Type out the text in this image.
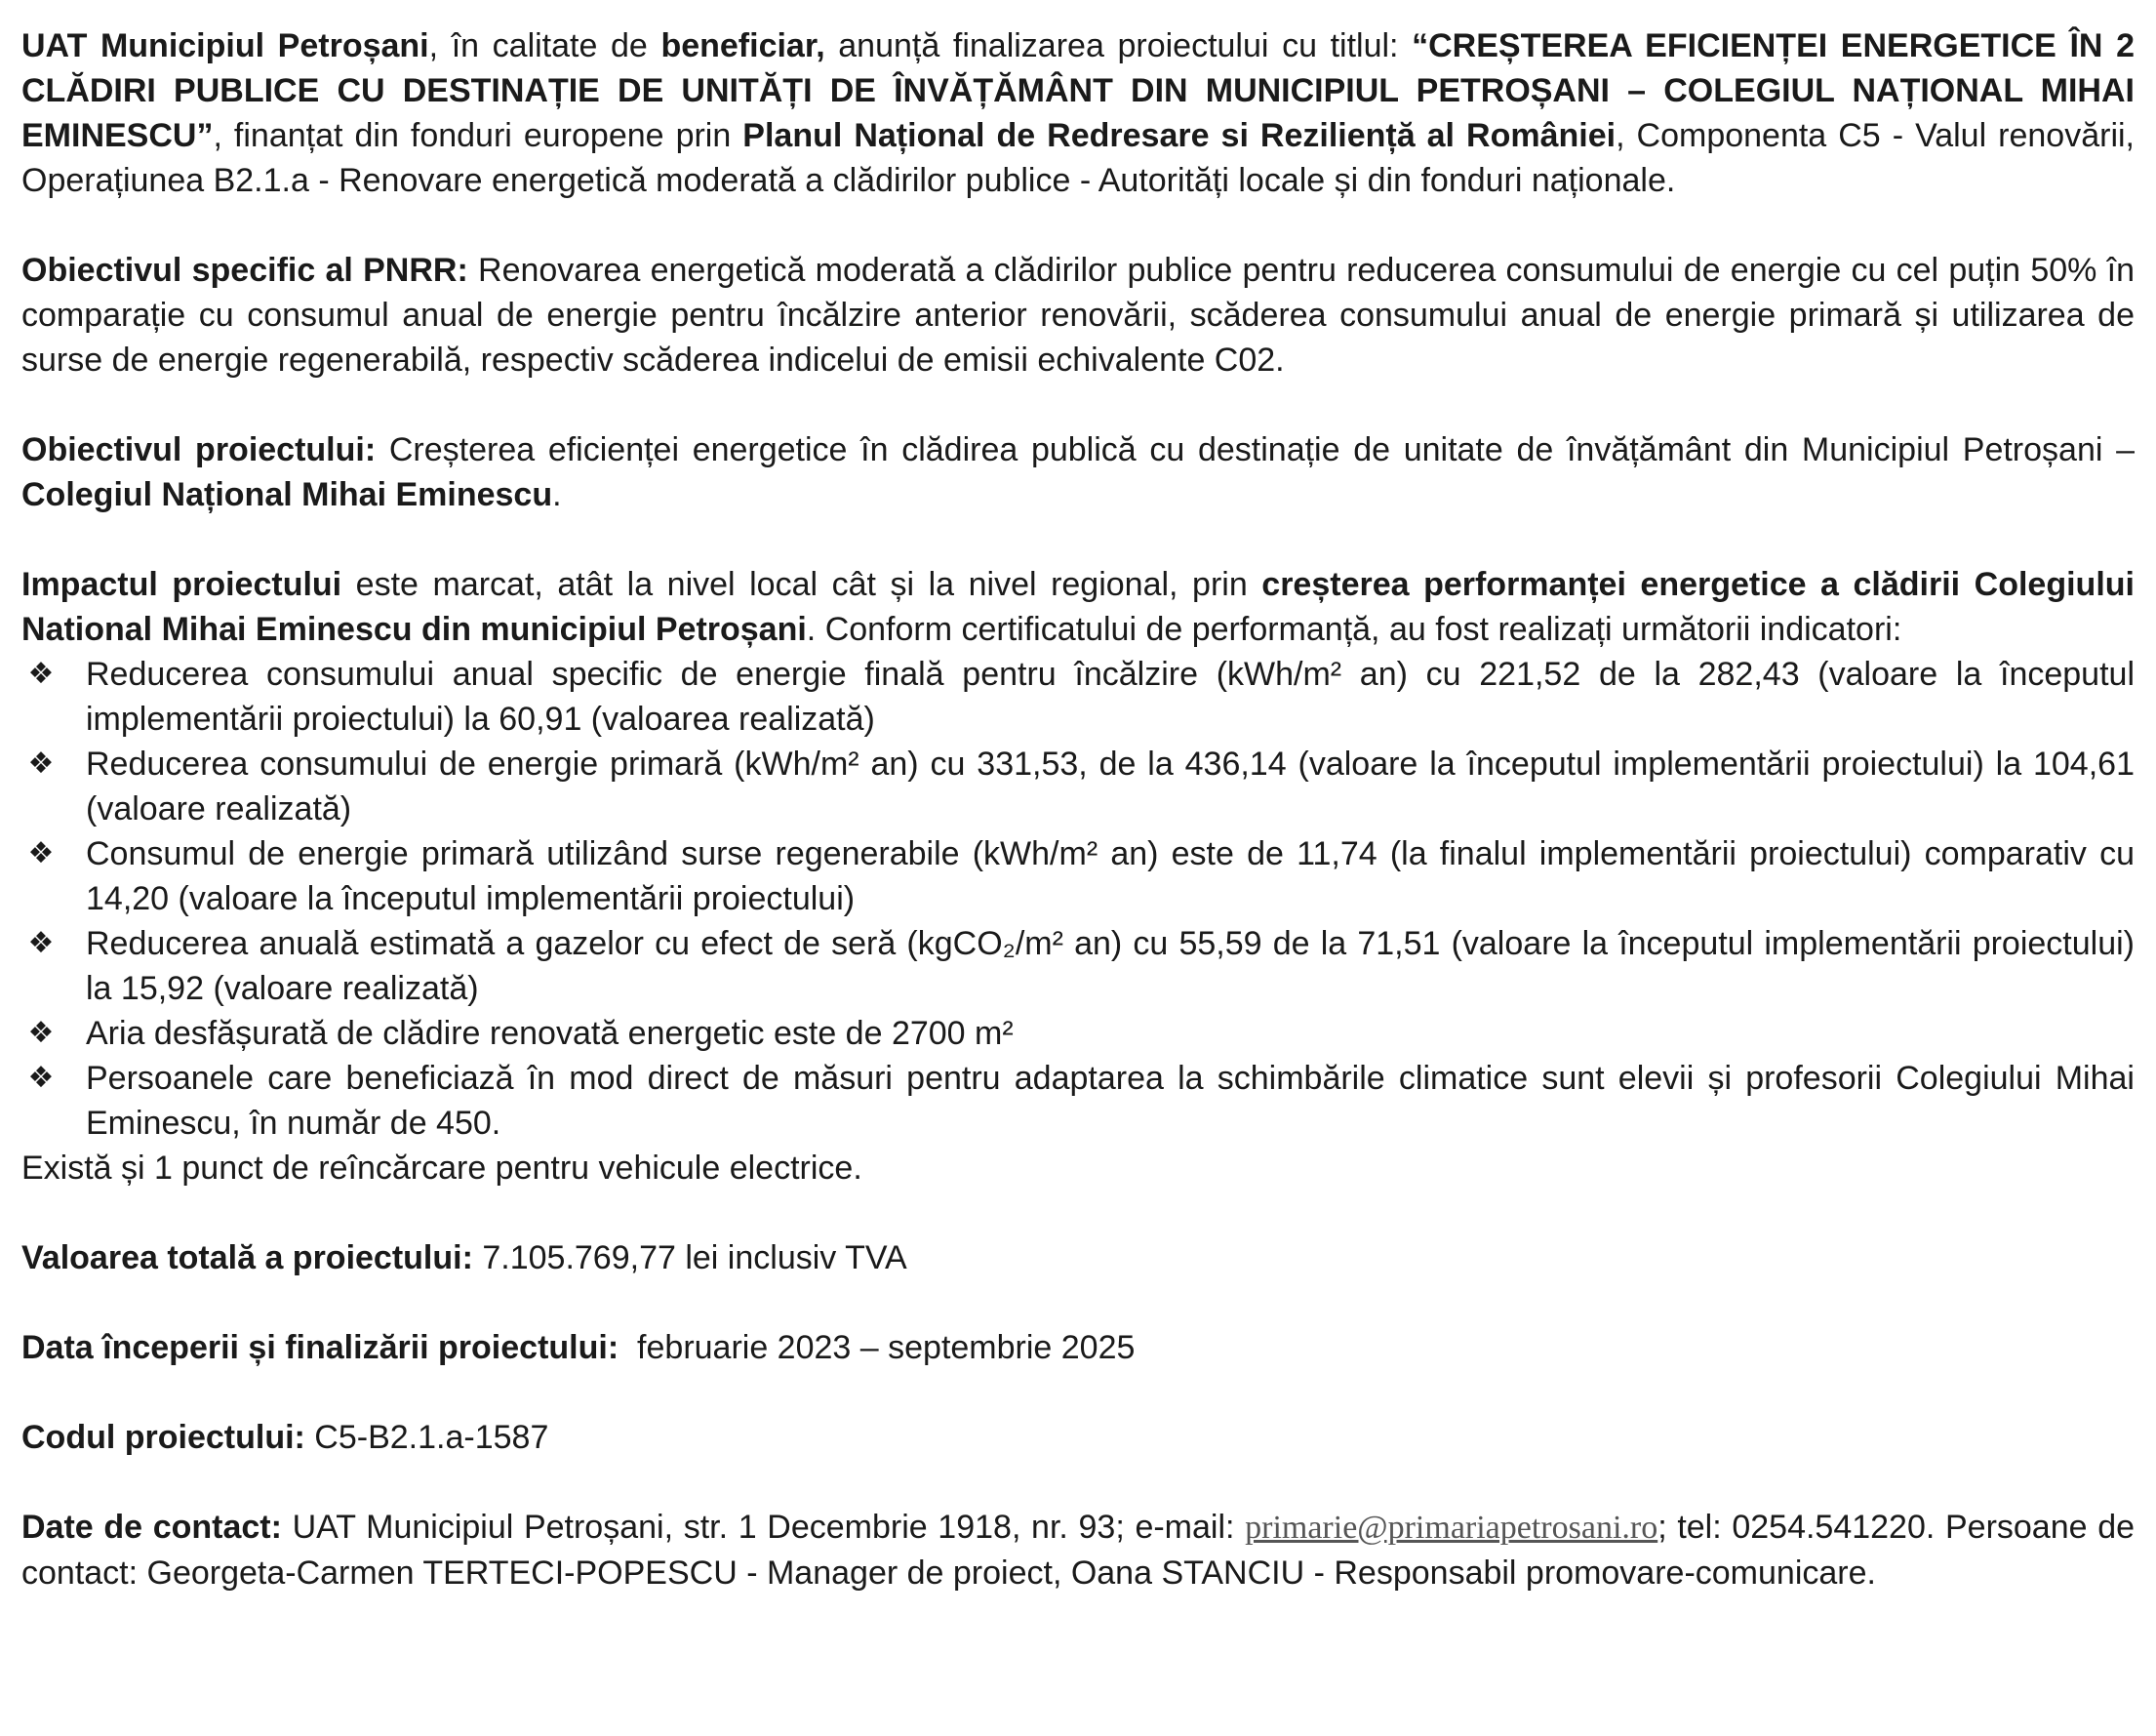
UAT Municipiul Petroșani, în calitate de beneficiar, anunță finalizarea proiectului cu titlul: “CREȘTEREA EFICIENȚEI ENERGETICE ÎN 2 CLĂDIRI PUBLICE CU DESTINAȚIE DE UNITĂȚI DE ÎNVĂȚĂMÂNT DIN MUNICIPIUL PETROȘANI – COLEGIUL NAȚIONAL MIHAI EMINESCU”, finanțat din fonduri europene prin Planul Național de Redresare si Reziliență al României, Componenta C5 - Valul renovării, Operațiunea B2.1.a - Renovare energetică moderată a clădirilor publice - Autorități locale și din fonduri naționale.
Obiectivul specific al PNRR: Renovarea energetică moderată a clădirilor publice pentru reducerea consumului de energie cu cel puțin 50% în comparație cu consumul anual de energie pentru încălzire anterior renovării, scăderea consumului anual de energie primară și utilizarea de surse de energie regenerabilă, respectiv scăderea indicelui de emisii echivalente C02.
Obiectivul proiectului: Creșterea eficienței energetice în clădirea publică cu destinație de unitate de învățământ din Municipiul Petroșani – Colegiul Național Mihai Eminescu.
Impactul proiectului este marcat, atât la nivel local cât și la nivel regional, prin creșterea performanței energetice a clădirii Colegiului National Mihai Eminescu din municipiul Petroșani. Conform certificatului de performanță, au fost realizați următorii indicatori:
❖ Reducerea consumului anual specific de energie finală pentru încălzire (kWh/m² an) cu 221,52 de la 282,43 (valoare la începutul implementării proiectului) la 60,91 (valoarea realizată)
❖ Reducerea consumului de energie primară (kWh/m² an) cu 331,53, de la 436,14 (valoare la începutul implementării proiectului) la 104,61 (valoare realizată)
❖ Consumul de energie primară utilizând surse regenerabile (kWh/m² an) este de 11,74 (la finalul implementării proiectului) comparativ cu 14,20 (valoare la începutul implementării proiectului)
❖ Reducerea anuală estimată a gazelor cu efect de seră (kgCO₂/m² an) cu 55,59 de la 71,51 (valoare la începutul implementării proiectului) la 15,92 (valoare realizată)
❖ Aria desfășurată de clădire renovată energetic este de 2700 m²
❖ Persoanele care beneficiază în mod direct de măsuri pentru adaptarea la schimbările climatice sunt elevii și profesorii Colegiului Mihai Eminescu, în număr de 450.
Există și 1 punct de reîncărcare pentru vehicule electrice.
Valoarea totală a proiectului: 7.105.769,77 lei inclusiv TVA
Data începerii și finalizării proiectului:  februarie 2023 – septembrie 2025
Codul proiectului: C5-B2.1.a-1587
Date de contact: UAT Municipiul Petroșani, str. 1 Decembrie 1918, nr. 93; e-mail: primarie@primariapetrosani.ro; tel: 0254.541220. Persoane de contact: Georgeta-Carmen TERTECI-POPESCU - Manager de proiect, Oana STANCIU - Responsabil promovare-comunicare.
